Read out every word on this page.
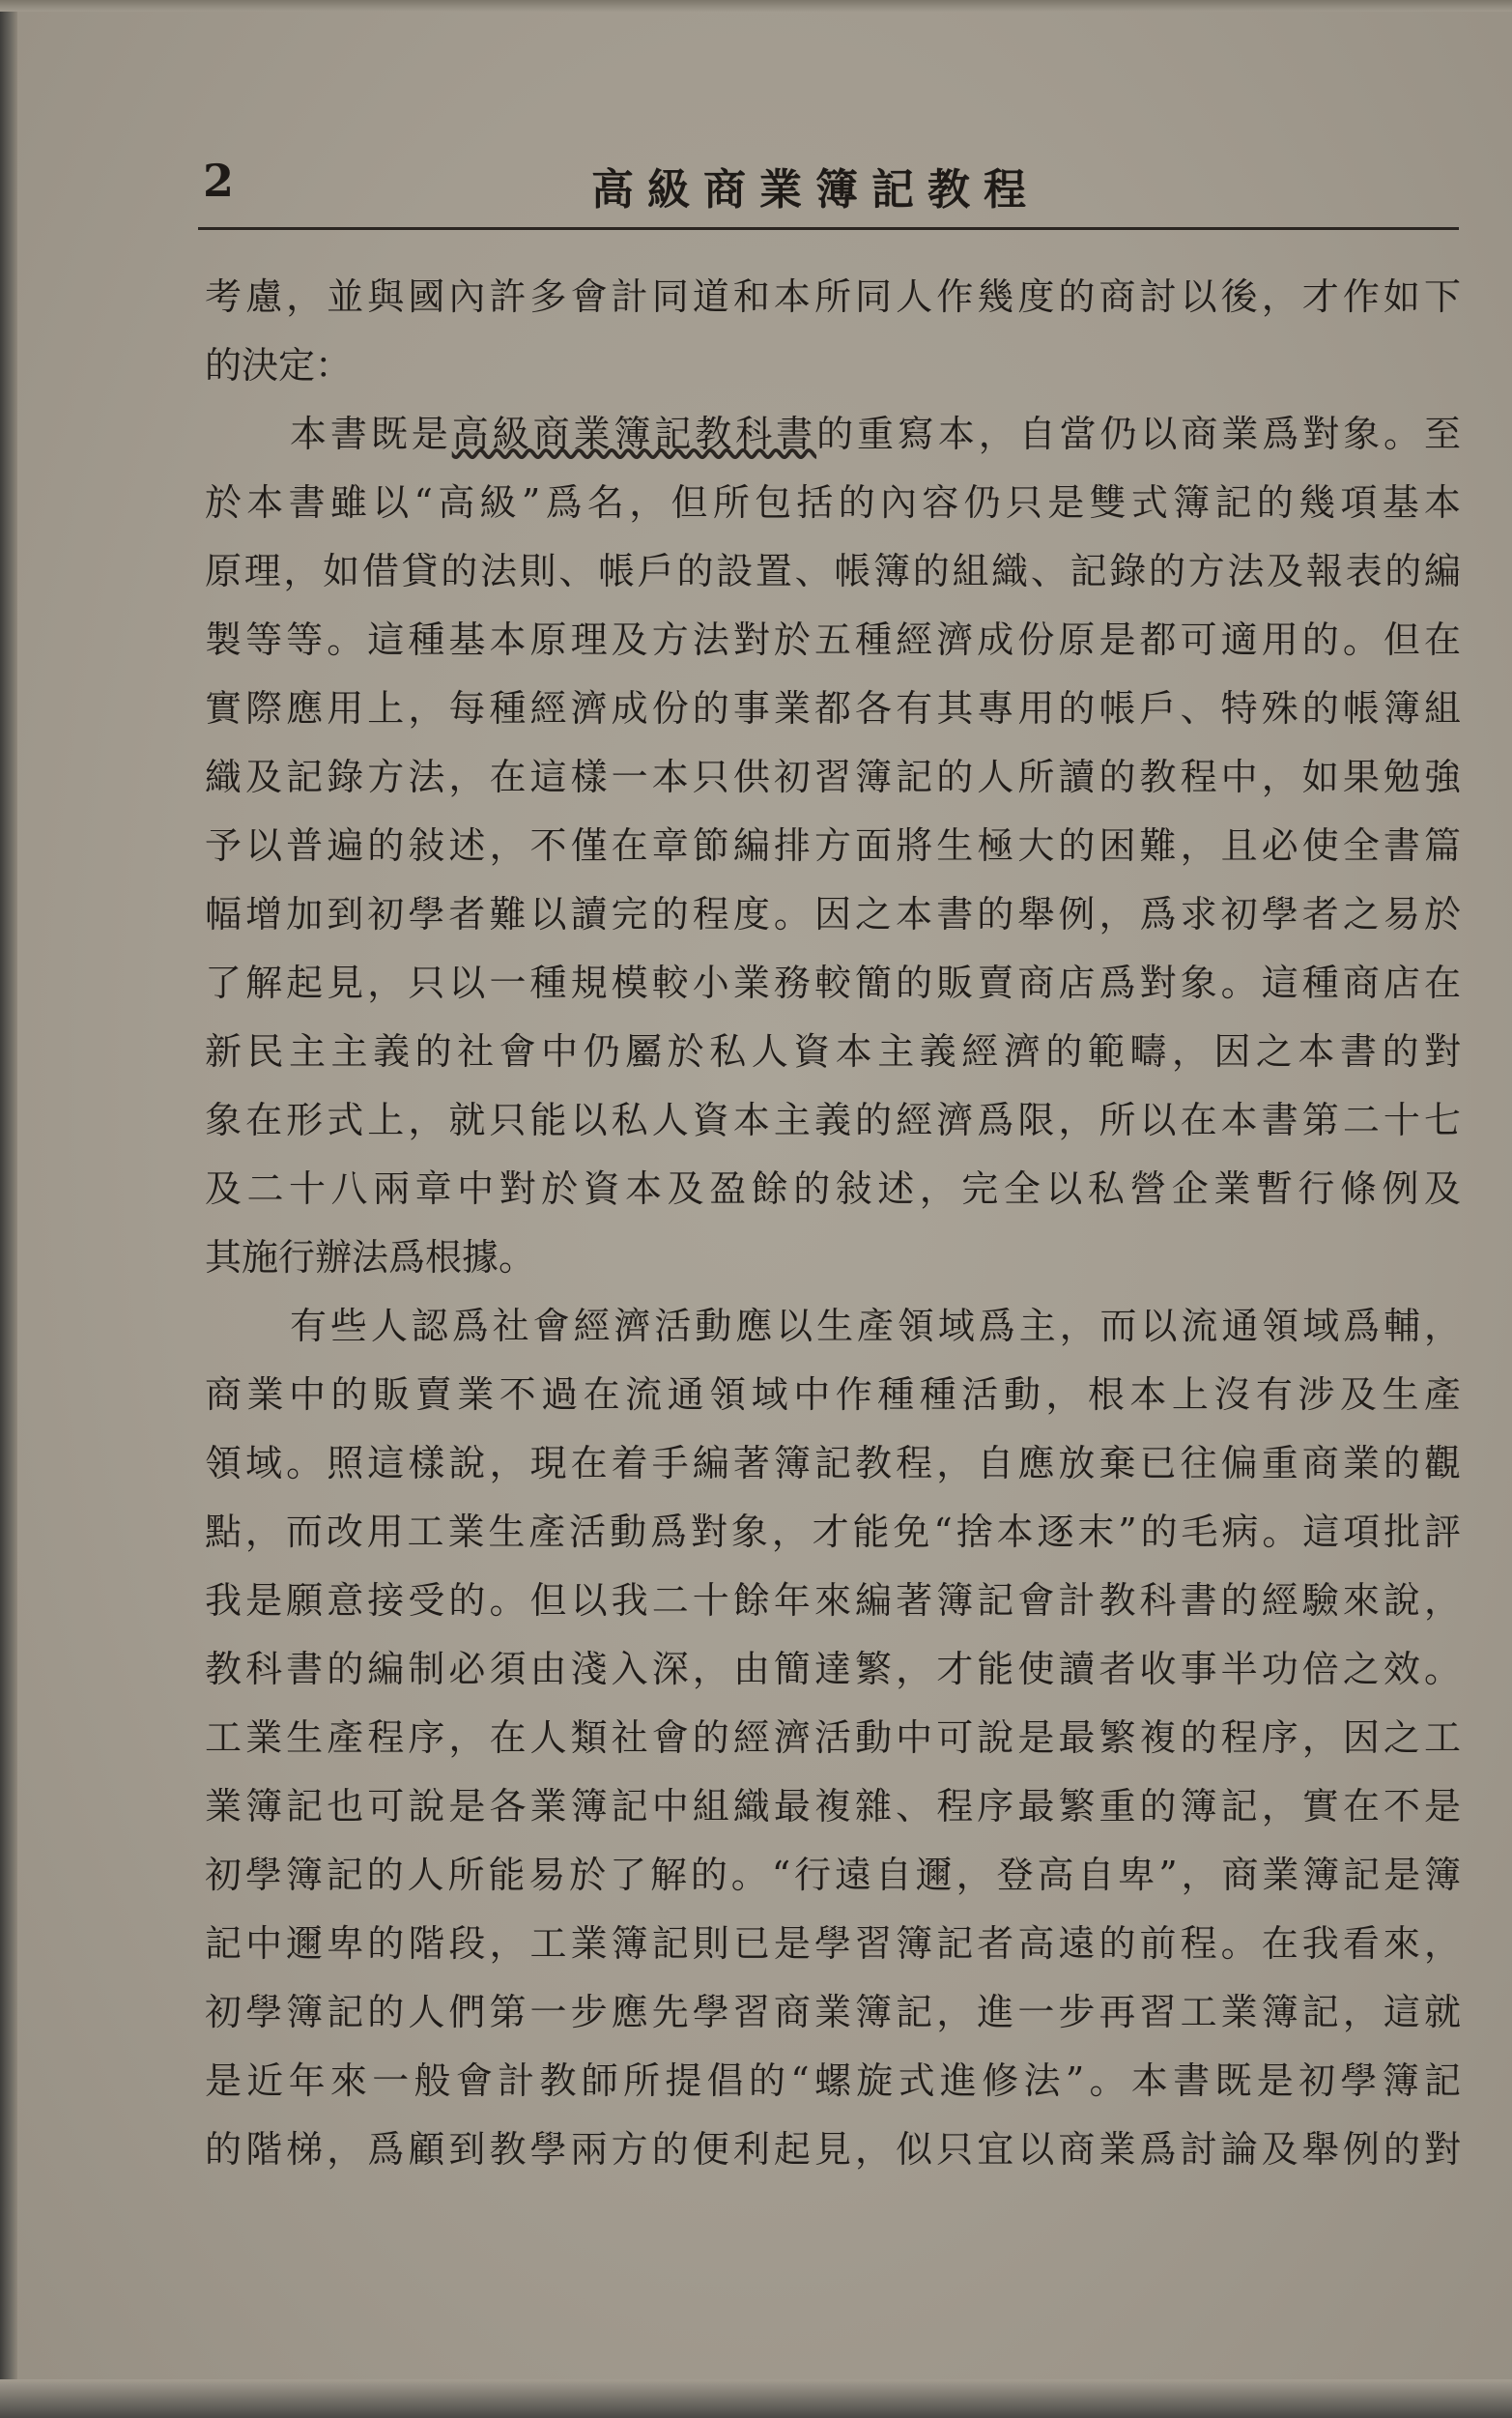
2	高級商業簿記教程
考慮，並與國內許多會計同道和本所同人作幾度的商討以後，才作如下
的決定：
本書既是高級商業簿記教科書的重寫本，自當仍以商業爲對象。至
於本書雖以“高級”爲名，但所包括的內容仍只是雙式簿記的幾項基本
原理，如借貸的法則、帳戶的設置、帳簿的組織、記錄的方法及報表的編
製等等。這種基本原理及方法對於五種經濟成份原是都可適用的。但在
實際應用上，每種經濟成份的事業都各有其專用的帳戶、特殊的帳簿組
織及記錄方法，在這樣一本只供初習簿記的人所讀的教程中，如果勉強
予以普遍的敍述，不僅在章節編排方面將生極大的困難，且必使全書篇
幅增加到初學者難以讀完的程度。因之本書的舉例，爲求初學者之易於
了解起見，只以一種規模較小業務較簡的販賣商店爲對象。這種商店在
新民主主義的社會中仍屬於私人資本主義經濟的範疇，因之本書的對
象在形式上，就只能以私人資本主義的經濟爲限，所以在本書第二十七
及二十八兩章中對於資本及盈餘的敍述，完全以私營企業暫行條例及
其施行辦法爲根據。
有些人認爲社會經濟活動應以生產領域爲主，而以流通領域爲輔，
商業中的販賣業不過在流通領域中作種種活動，根本上沒有涉及生產
領域。照這樣說，現在着手編著簿記教程，自應放棄已往偏重商業的觀
點，而改用工業生產活動爲對象，才能免“捨本逐末”的毛病。這項批評
我是願意接受的。但以我二十餘年來編著簿記會計教科書的經驗來說，
教科書的編制必須由淺入深，由簡達繁，才能使讀者收事半功倍之效。
工業生產程序，在人類社會的經濟活動中可說是最繁複的程序，因之工
業簿記也可說是各業簿記中組織最複雜、程序最繁重的簿記，實在不是
初學簿記的人所能易於了解的。“行遠自邇，登高自卑”，商業簿記是簿
記中邇卑的階段，工業簿記則已是學習簿記者高遠的前程。在我看來，
初學簿記的人們第一步應先學習商業簿記，進一步再習工業簿記，這就
是近年來一般會計教師所提倡的“螺旋式進修法”。本書既是初學簿記
的階梯，爲顧到教學兩方的便利起見，似只宜以商業爲討論及舉例的對
